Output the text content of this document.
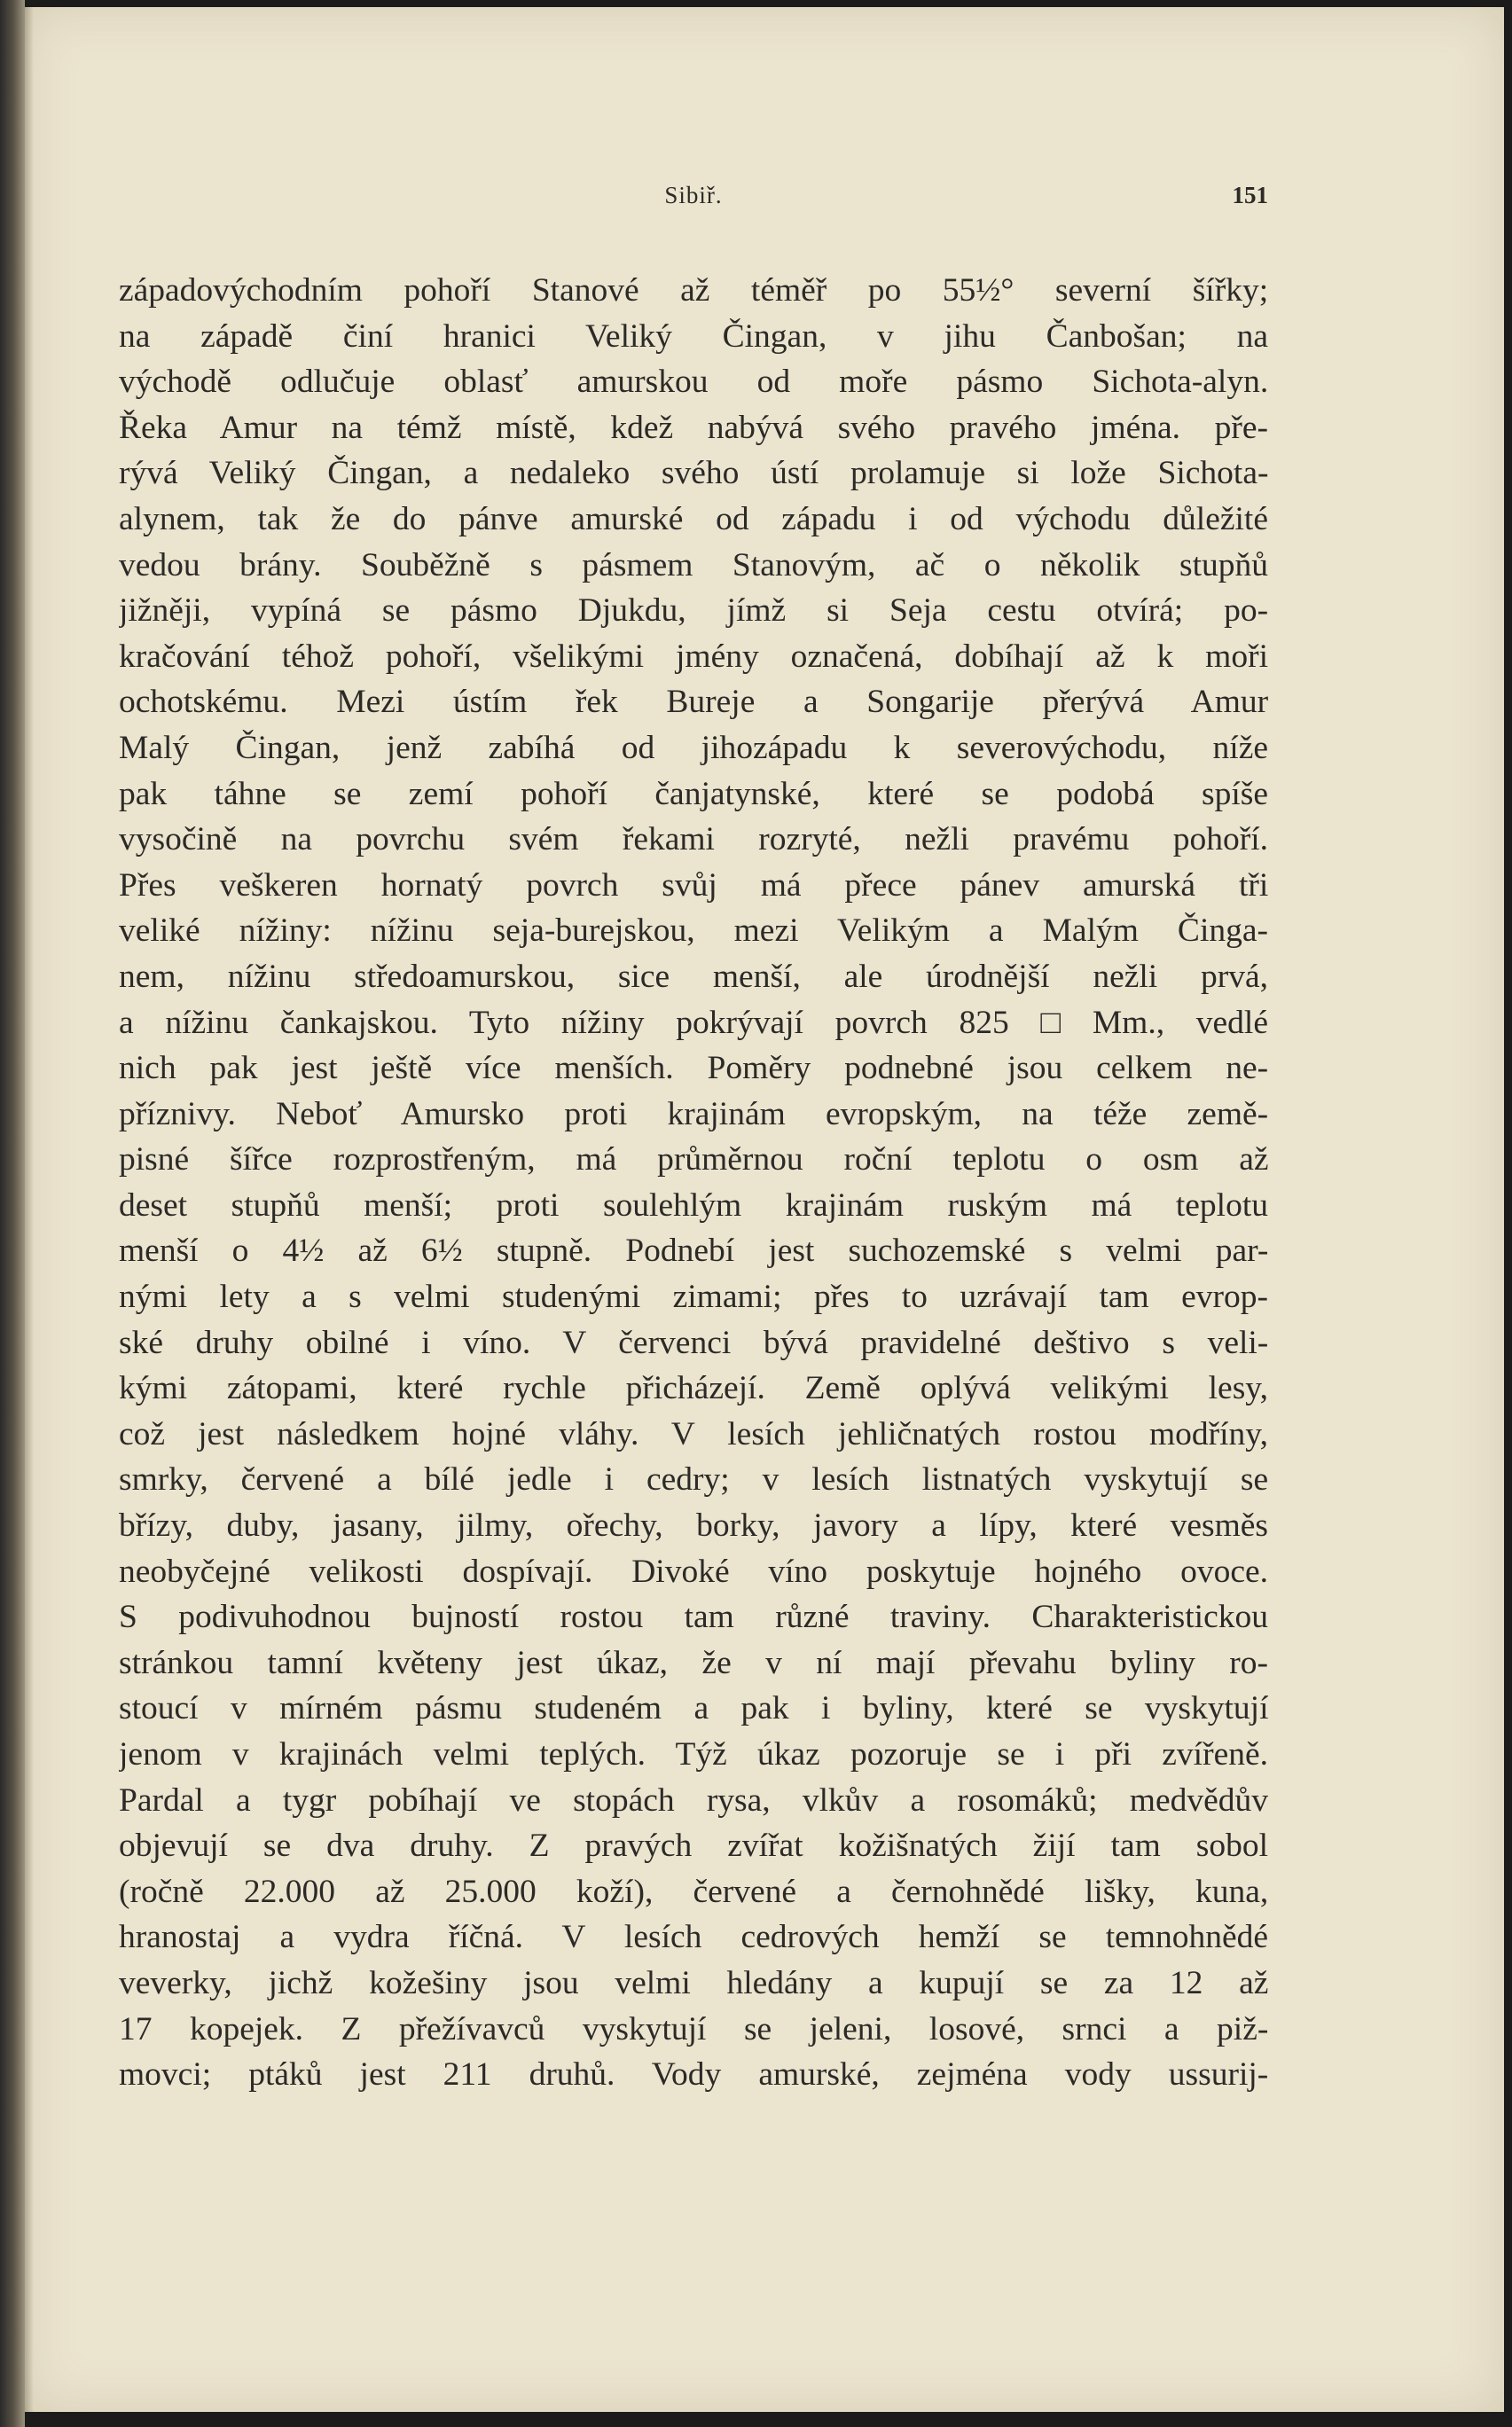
Sibiř.	151
západovýchodním pohoří Stanové až téměř po 55½° severní šířky;
na západě činí hranici Veliký Čingan, v jihu Čanbošan; na
východě odlučuje oblasť amurskou od moře pásmo Sichota-alyn.
Řeka Amur na témž místě, kdež nabývá svého pravého jména. pře-
rývá Veliký Čingan, a nedaleko svého ústí prolamuje si lože Sichota-
alynem, tak že do pánve amurské od západu i od východu důležité
vedou brány. Souběžně s pásmem Stanovým, ač o několik stupňů
jižněji, vypíná se pásmo Djukdu, jímž si Seja cestu otvírá; po-
kračování téhož pohoří, všelikými jmény označená, dobíhají až k moři
ochotskému. Mezi ústím řek Bureje a Songarije přerývá Amur
Malý Čingan, jenž zabíhá od jihozápadu k severovýchodu, níže
pak táhne se zemí pohoří čanjatynské, které se podobá spíše
vysočině na povrchu svém řekami rozryté, nežli pravému pohoří.
Přes veškeren hornatý povrch svůj má přece pánev amurská tři
veliké nížiny: nížinu seja-burejskou, mezi Velikým a Malým Činga-
nem, nížinu středoamurskou, sice menší, ale úrodnější nežli prvá,
a nížinu čankajskou. Tyto nížiny pokrývají povrch 825 □ Mm., vedlé
nich pak jest ještě více menších. Poměry podnebné jsou celkem ne-
příznivy. Neboť Amursko proti krajinám evropským, na téže země-
pisné šířce rozprostřeným, má průměrnou roční teplotu o osm až
deset stupňů menší; proti soulehlým krajinám ruským má teplotu
menší o 4½ až 6½ stupně. Podnebí jest suchozemské s velmi par-
nými lety a s velmi studenými zimami; přes to uzrávají tam evrop-
ské druhy obilné i víno. V červenci bývá pravidelné deštivo s veli-
kými zátopami, které rychle přicházejí. Země oplývá velikými lesy,
což jest následkem hojné vláhy. V lesích jehličnatých rostou modříny,
smrky, červené a bílé jedle i cedry; v lesích listnatých vyskytují se
břízy, duby, jasany, jilmy, ořechy, borky, javory a lípy, které vesměs
neobyčejné velikosti dospívají. Divoké víno poskytuje hojného ovoce.
S podivuhodnou bujností rostou tam různé traviny. Charakteristickou
stránkou tamní květeny jest úkaz, že v ní mají převahu byliny ro-
stoucí v mírném pásmu studeném a pak i byliny, které se vyskytují
jenom v krajinách velmi teplých. Týž úkaz pozoruje se i při zvířeně.
Pardal a tygr pobíhají ve stopách rysa, vlkův a rosomáků; medvědův
objevují se dva druhy. Z pravých zvířat kožišnatých žijí tam sobol
(ročně 22.000 až 25.000 koží), červené a černohnědé lišky, kuna,
hranostaj a vydra říčná. V lesích cedrových hemží se temnohnědé
veverky, jichž kožešiny jsou velmi hledány a kupují se za 12 až
17 kopejek. Z přežívavců vyskytují se jeleni, losové, srnci a piž-
movci; ptáků jest 211 druhů. Vody amurské, zejména vody ussurij-
